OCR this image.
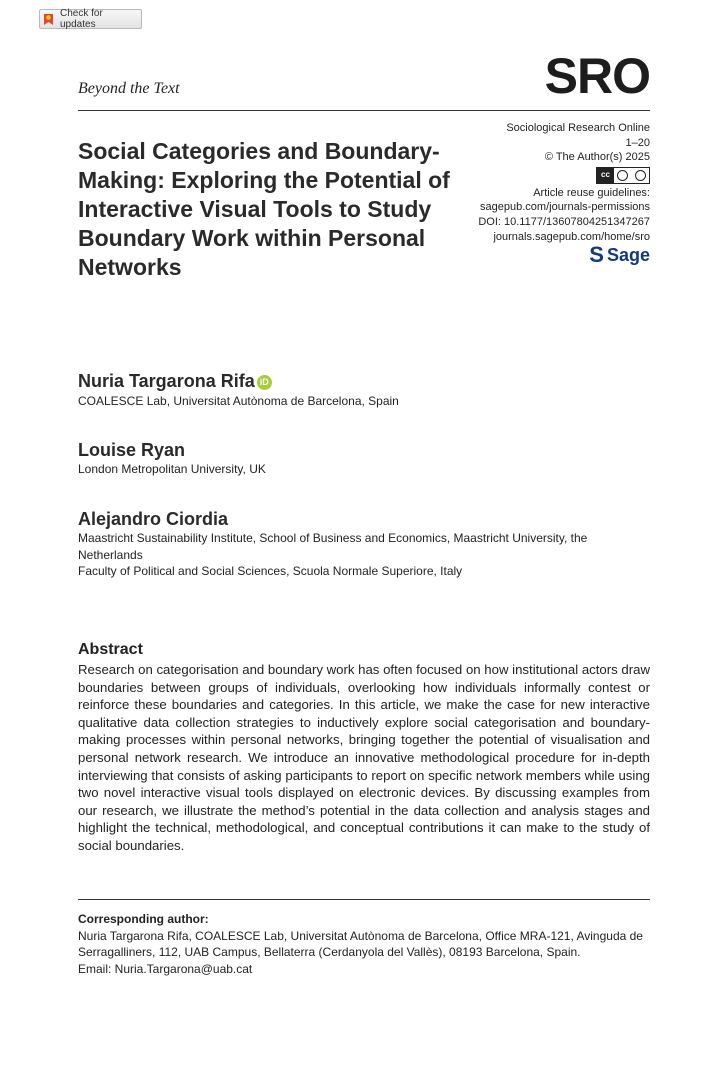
Check for updates
Beyond the Text	SRO
Social Categories and Boundary-Making: Exploring the Potential of Interactive Visual Tools to Study Boundary Work within Personal Networks
Sociological Research Online
1–20
© The Author(s) 2025
cc
Article reuse guidelines:
sagepub.com/journals-permissions
DOI: 10.1177/13607804251347267
journals.sagepub.com/home/sro
S Sage
Nuria Targarona Rifa iD
COALESCE Lab, Universitat Autònoma de Barcelona, Spain
Louise Ryan
London Metropolitan University, UK
Alejandro Ciordia
Maastricht Sustainability Institute, School of Business and Economics, Maastricht University, the Netherlands
Faculty of Political and Social Sciences, Scuola Normale Superiore, Italy
Abstract

Research on categorisation and boundary work has often focused on how institutional actors draw boundaries between groups of individuals, overlooking how individuals informally contest or reinforce these boundaries and categories. In this article, we make the case for new interactive qualitative data collection strategies to inductively explore social categorisation and boundary-making processes within personal networks, bringing together the potential of visualisation and personal network research. We introduce an innovative methodological procedure for in-depth interviewing that consists of asking participants to report on specific network members while using two novel interactive visual tools displayed on electronic devices. By discussing examples from our research, we illustrate the method’s potential in the data collection and analysis stages and highlight the technical, methodological, and conceptual contributions it can make to the study of social boundaries.

Corresponding author:
Nuria Targarona Rifa, COALESCE Lab, Universitat Autònoma de Barcelona, Office MRA-121, Avinguda de Serragalliners, 112, UAB Campus, Bellaterra (Cerdanyola del Vallès), 08193 Barcelona, Spain.
Email: Nuria.Targarona@uab.cat
